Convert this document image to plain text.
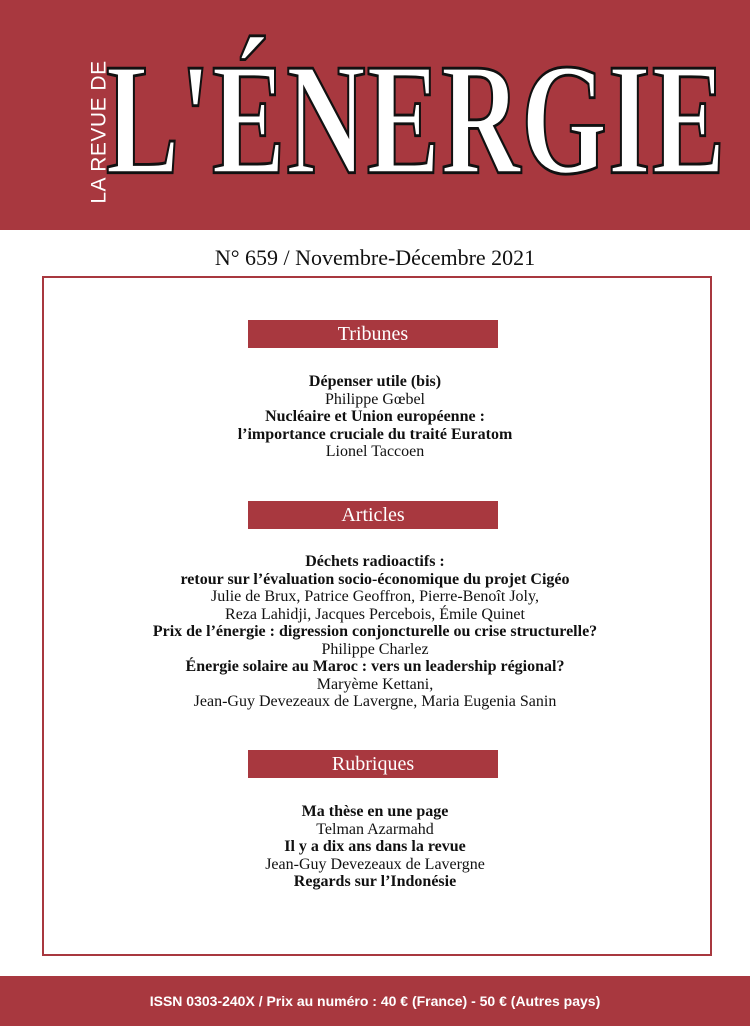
LA REVUE DE
L'ÉNERGIE
N° 659 / Novembre-Décembre 2021
Tribunes
Dépenser utile (bis)
Philippe Gœbel
Nucléaire et Union européenne :
l’importance cruciale du traité Euratom
Lionel Taccoen
Articles
Déchets radioactifs :
retour sur l’évaluation socio-économique du projet Cigéo
Julie de Brux, Patrice Geoffron, Pierre-Benoît Joly,
Reza Lahidji, Jacques Percebois, Émile Quinet
Prix de l’énergie : digression conjoncturelle ou crise structurelle?
Philippe Charlez
Énergie solaire au Maroc : vers un leadership régional?
Maryème Kettani,
Jean-Guy Devezeaux de Lavergne, Maria Eugenia Sanin
Rubriques
Ma thèse en une page
Telman Azarmahd
Il y a dix ans dans la revue
Jean-Guy Devezeaux de Lavergne
Regards sur l’Indonésie
ISSN 0303-240X / Prix au numéro : 40 € (France) - 50 € (Autres pays)
